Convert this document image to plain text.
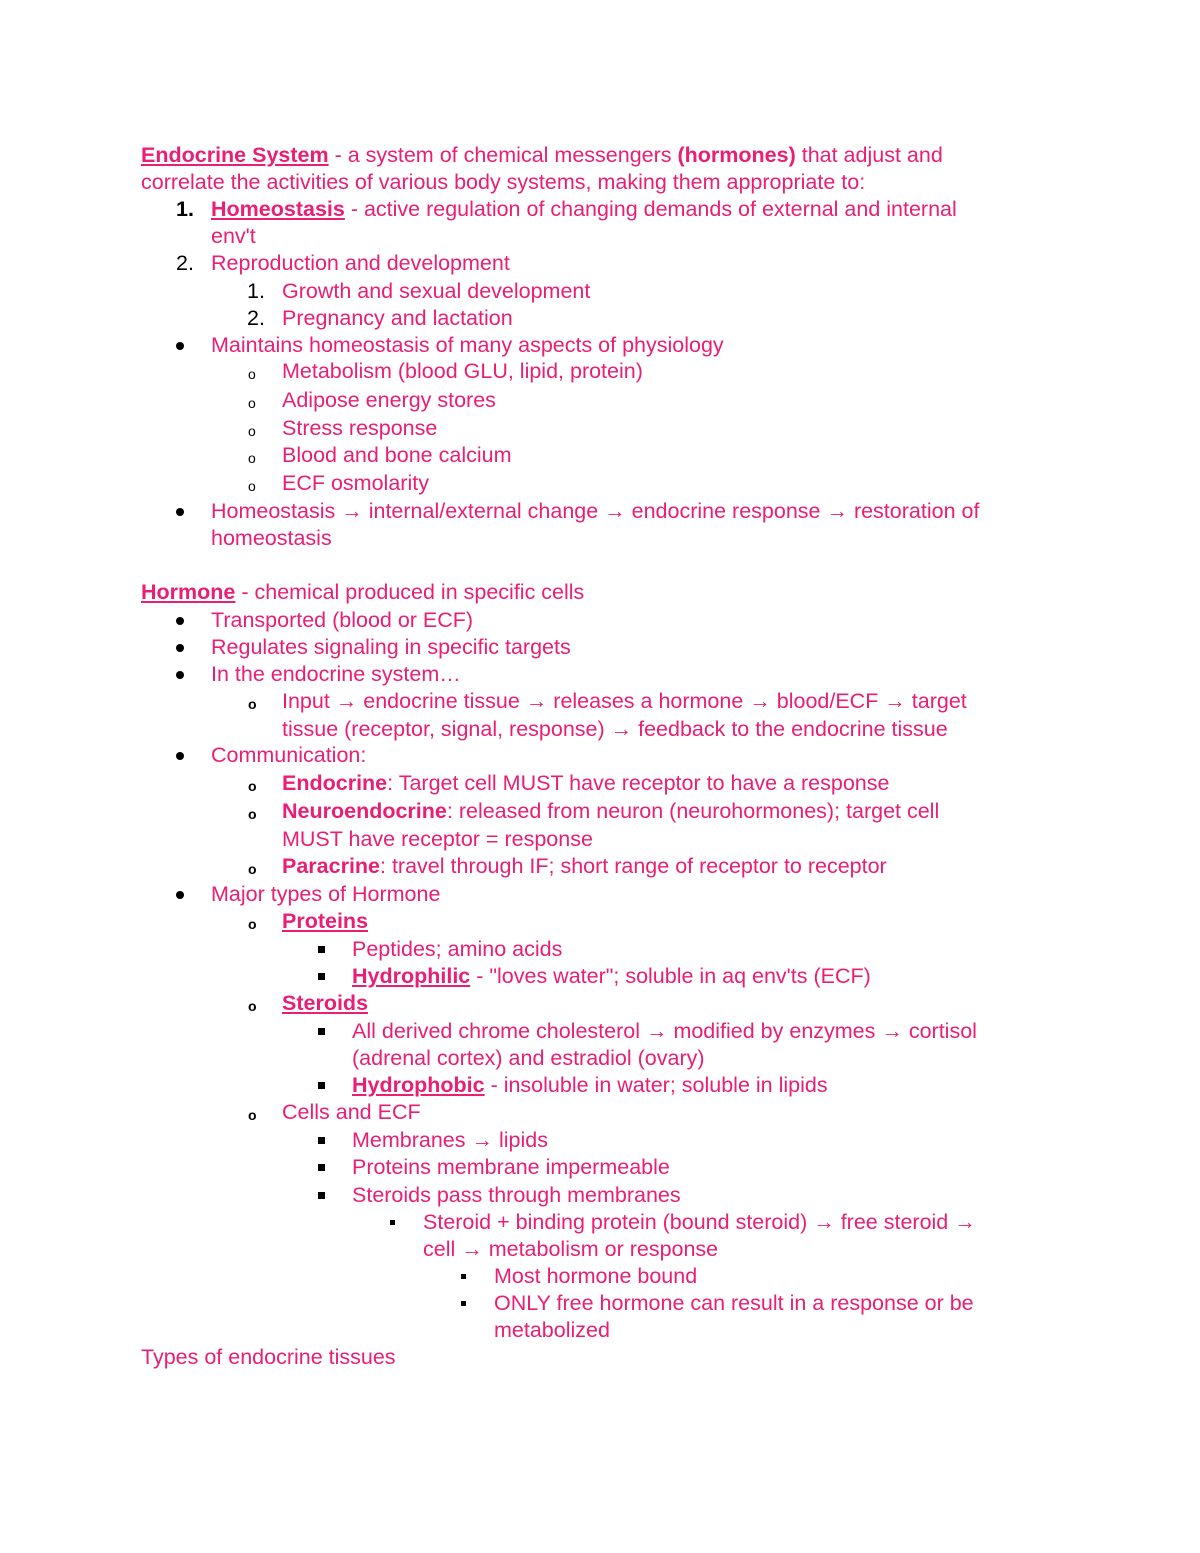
Endocrine System - a system of chemical messengers (hormones) that adjust and
correlate the activities of various body systems, making them appropriate to:
1. Homeostasis - active regulation of changing demands of external and internal
env't
2. Reproduction and development
1. Growth and sexual development
2. Pregnancy and lactation
Maintains homeostasis of many aspects of physiology
o Metabolism (blood GLU, lipid, protein)
o Adipose energy stores
o Stress response
o Blood and bone calcium
o ECF osmolarity
Homeostasis → internal/external change → endocrine response → restoration of
homeostasis
Hormone - chemical produced in specific cells
Transported (blood or ECF)
Regulates signaling in specific targets
In the endocrine system…
o Input → endocrine tissue → releases a hormone → blood/ECF → target
tissue (receptor, signal, response) → feedback to the endocrine tissue
Communication:
o Endocrine: Target cell MUST have receptor to have a response
o Neuroendocrine: released from neuron (neurohormones); target cell
MUST have receptor = response
o Paracrine: travel through IF; short range of receptor to receptor
Major types of Hormone
o Proteins
Peptides; amino acids
Hydrophilic - "loves water"; soluble in aq env'ts (ECF)
o Steroids
All derived chrome cholesterol → modified by enzymes → cortisol
(adrenal cortex) and estradiol (ovary)
Hydrophobic - insoluble in water; soluble in lipids
o Cells and ECF
Membranes → lipids
Proteins membrane impermeable
Steroids pass through membranes
Steroid + binding protein (bound steroid) → free steroid →
cell → metabolism or response
Most hormone bound
ONLY free hormone can result in a response or be
metabolized
Types of endocrine tissues
